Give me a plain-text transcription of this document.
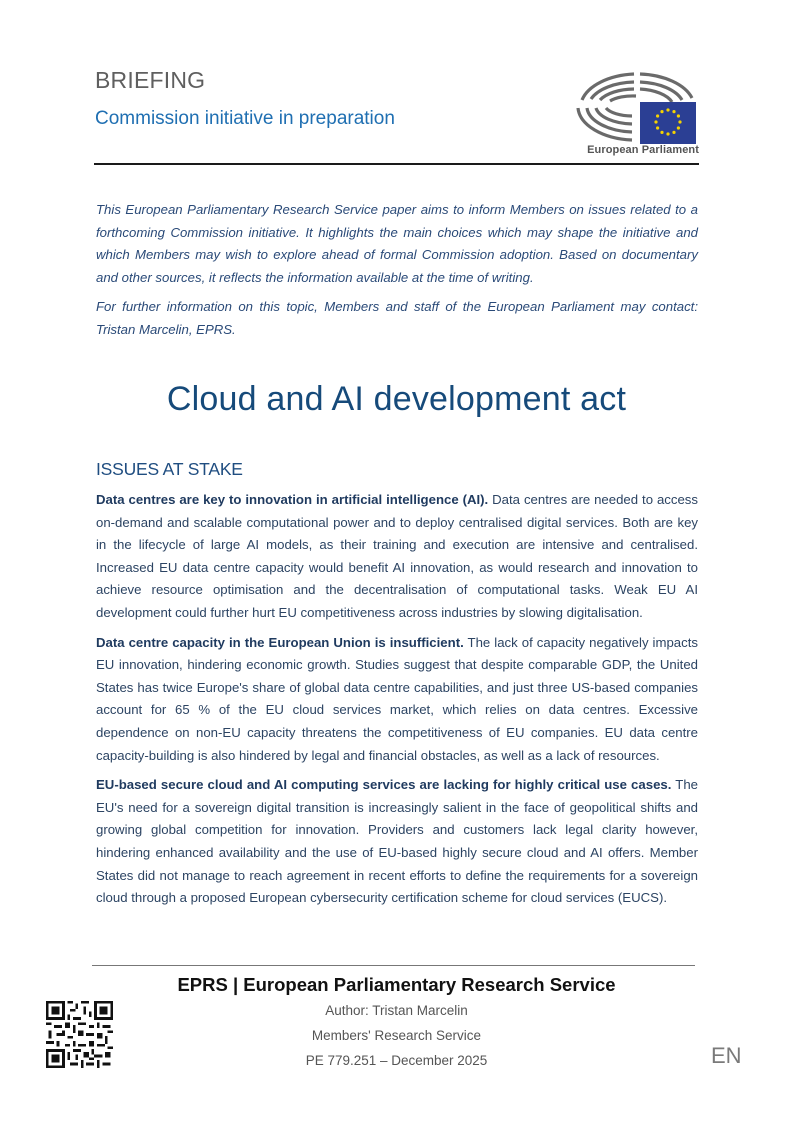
BRIEFING
Commission initiative in preparation
European Parliament

This European Parliamentary Research Service paper aims to inform Members on issues related to a forthcoming Commission initiative. It highlights the main choices which may shape the initiative and which Members may wish to explore ahead of formal Commission adoption. Based on documentary and other sources, it reflects the information available at the time of writing.

For further information on this topic, Members and staff of the European Parliament may contact: Tristan Marcelin, EPRS.

Cloud and AI development act
ISSUES AT STAKE

Data centres are key to innovation in artificial intelligence (AI). Data centres are needed to access on-demand and scalable computational power and to deploy centralised digital services. Both are key in the lifecycle of large AI models, as their training and execution are intensive and centralised. Increased EU data centre capacity would benefit AI innovation, as would research and innovation to achieve resource optimisation and the decentralisation of computational tasks. Weak EU AI development could further hurt EU competitiveness across industries by slowing digitalisation.

Data centre capacity in the European Union is insufficient. The lack of capacity negatively impacts EU innovation, hindering economic growth. Studies suggest that despite comparable GDP, the United States has twice Europe's share of global data centre capabilities, and just three US-based companies account for 65 % of the EU cloud services market, which relies on data centres. Excessive dependence on non-EU capacity threatens the competitiveness of EU companies. EU data centre capacity-building is also hindered by legal and financial obstacles, as well as a lack of resources.

EU-based secure cloud and AI computing services are lacking for highly critical use cases. The EU's need for a sovereign digital transition is increasingly salient in the face of geopolitical shifts and growing global competition for innovation. Providers and customers lack legal clarity however, hindering enhanced availability and the use of EU-based highly secure cloud and AI offers. Member States did not manage to reach agreement in recent efforts to define the requirements for a sovereign cloud through a proposed European cybersecurity certification scheme for cloud services (EUCS).

EPRS | European Parliamentary Research Service
Author: Tristan Marcelin
Members' Research Service
PE 779.251 – December 2025	EN
